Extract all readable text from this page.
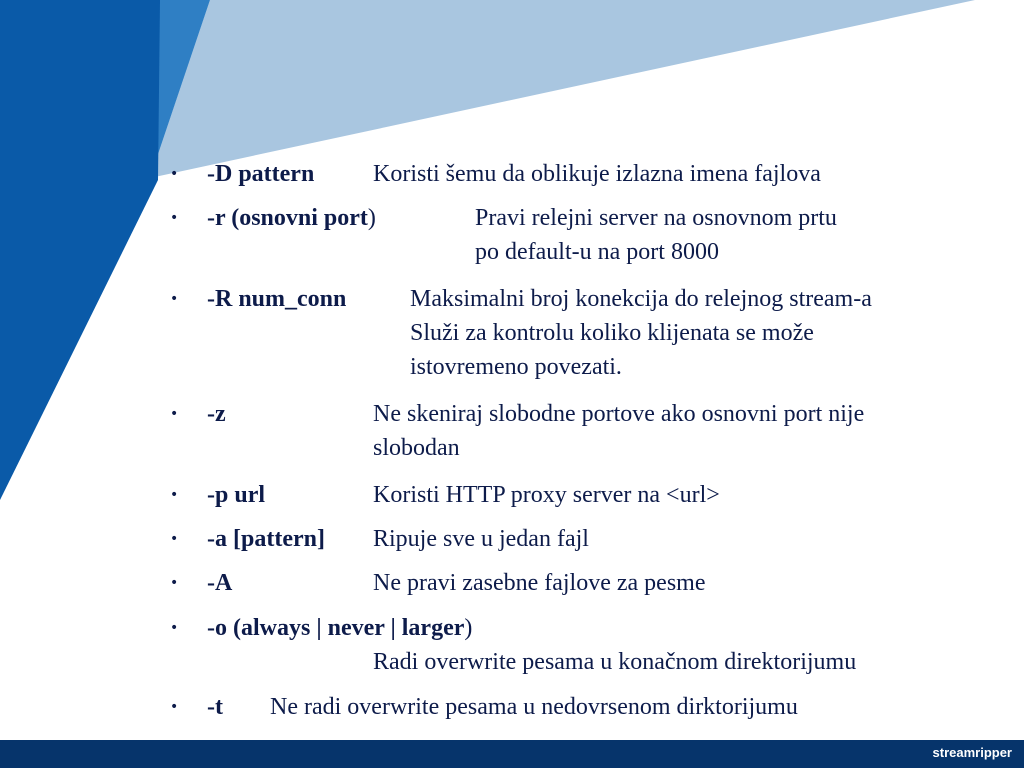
• -D pattern Koristi šemu da oblikuje izlazna imena fajlova
• -r (osnovni port)	Pravi relejni server na osnovnom prtu
po default-u na port 8000
• -R num_conn	Maksimalni broj konekcija do relejnog stream-a
Služi za kontrolu koliko klijenata se može
istovremeno povezati.
• -z	Ne skeniraj slobodne portove ako osnovni port nije
slobodan
• -p url	Koristi HTTP proxy server na <url>
• -a [pattern] Ripuje sve u jedan fajl
• -A	Ne pravi zasebne fajlove za pesme
• -o (always | never | larger)
Radi overwrite pesama u konačnom direktorijumu
• -t Ne radi overwrite pesama u nedovrsenom dirktorijumu
streamripper
